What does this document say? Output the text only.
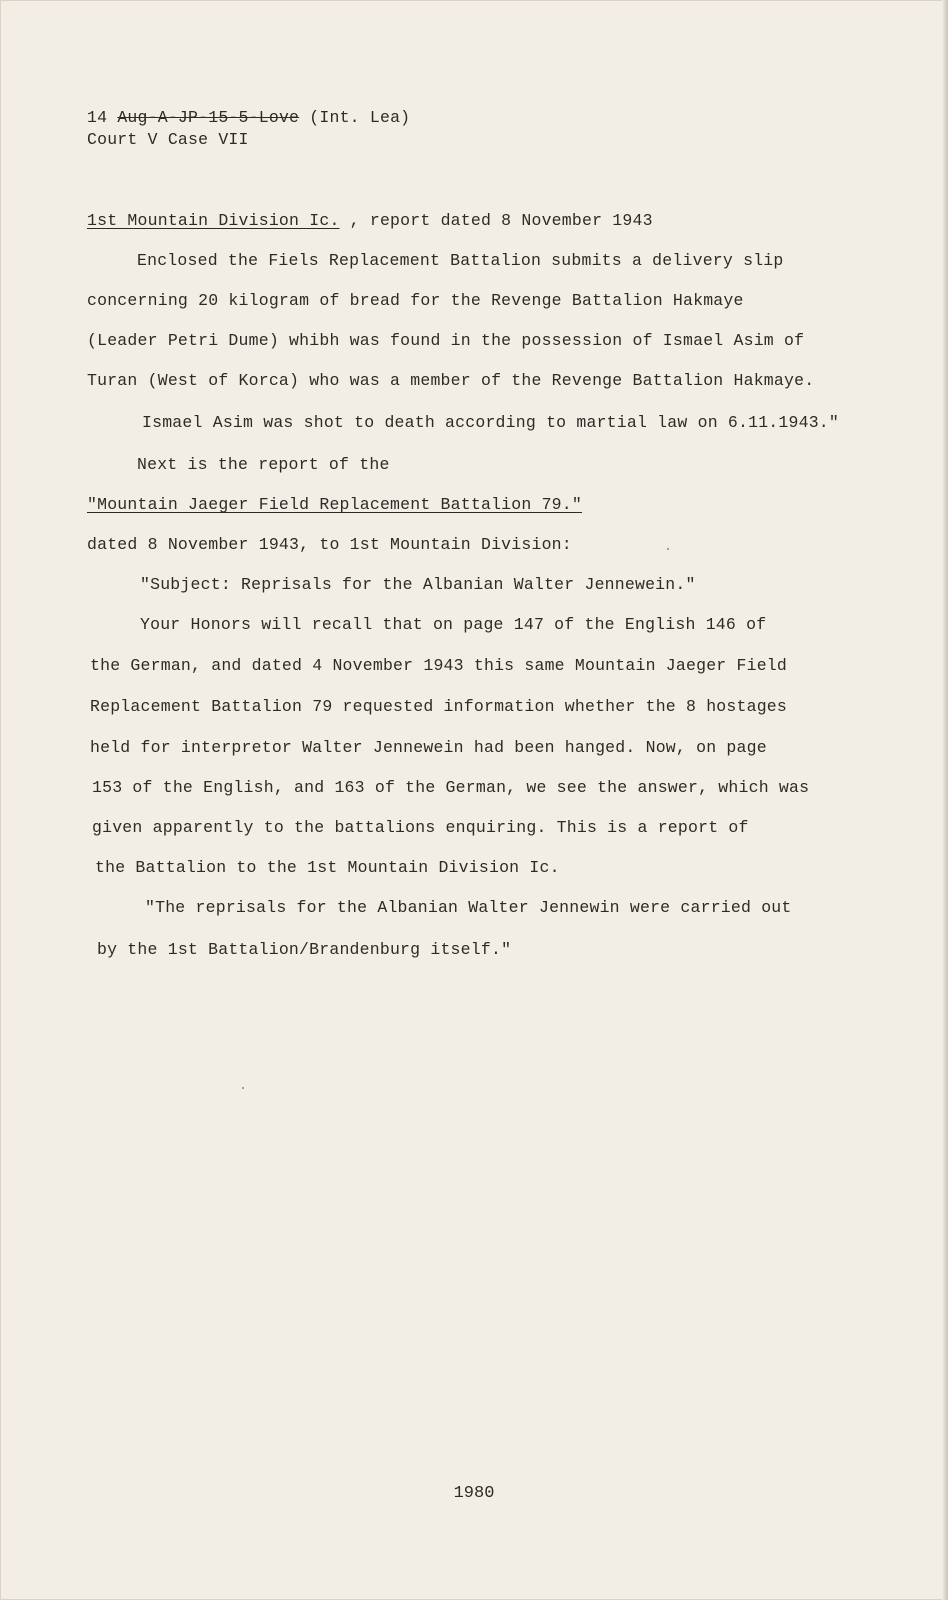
14 Aug-A-JP-15-5-Love (Int. Lea)
Court V Case VII
1st Mountain Division Ic. , report dated 8 November 1943
Enclosed the Fiels Replacement Battalion submits a delivery slip
concerning 20 kilogram of bread for the Revenge Battalion Hakmaye
(Leader Petri Dume) whibh was found in the possession of Ismael Asim of
Turan (West of Korca) who was a member of the Revenge Battalion Hakmaye.
Ismael Asim was shot to death according to martial law on 6.11.1943."
Next is the report of the
"Mountain Jaeger Field Replacement Battalion 79."
dated 8 November 1943, to 1st Mountain Division:
"Subject: Reprisals for the Albanian Walter Jennewein."
Your Honors will recall that on page 147 of the English 146 of
the German, and dated 4 November 1943 this same Mountain Jaeger Field
Replacement Battalion 79 requested information whether the 8 hostages
held for interpretor Walter Jennewein had been hanged. Now, on page
153 of the English, and 163 of the German, we see the answer, which was
given apparently to the battalions enquiring. This is a report of
the Battalion to the 1st Mountain Division Ic.
"The reprisals for the Albanian Walter Jennewin were carried out
by the 1st Battalion/Brandenburg itself."
1980
